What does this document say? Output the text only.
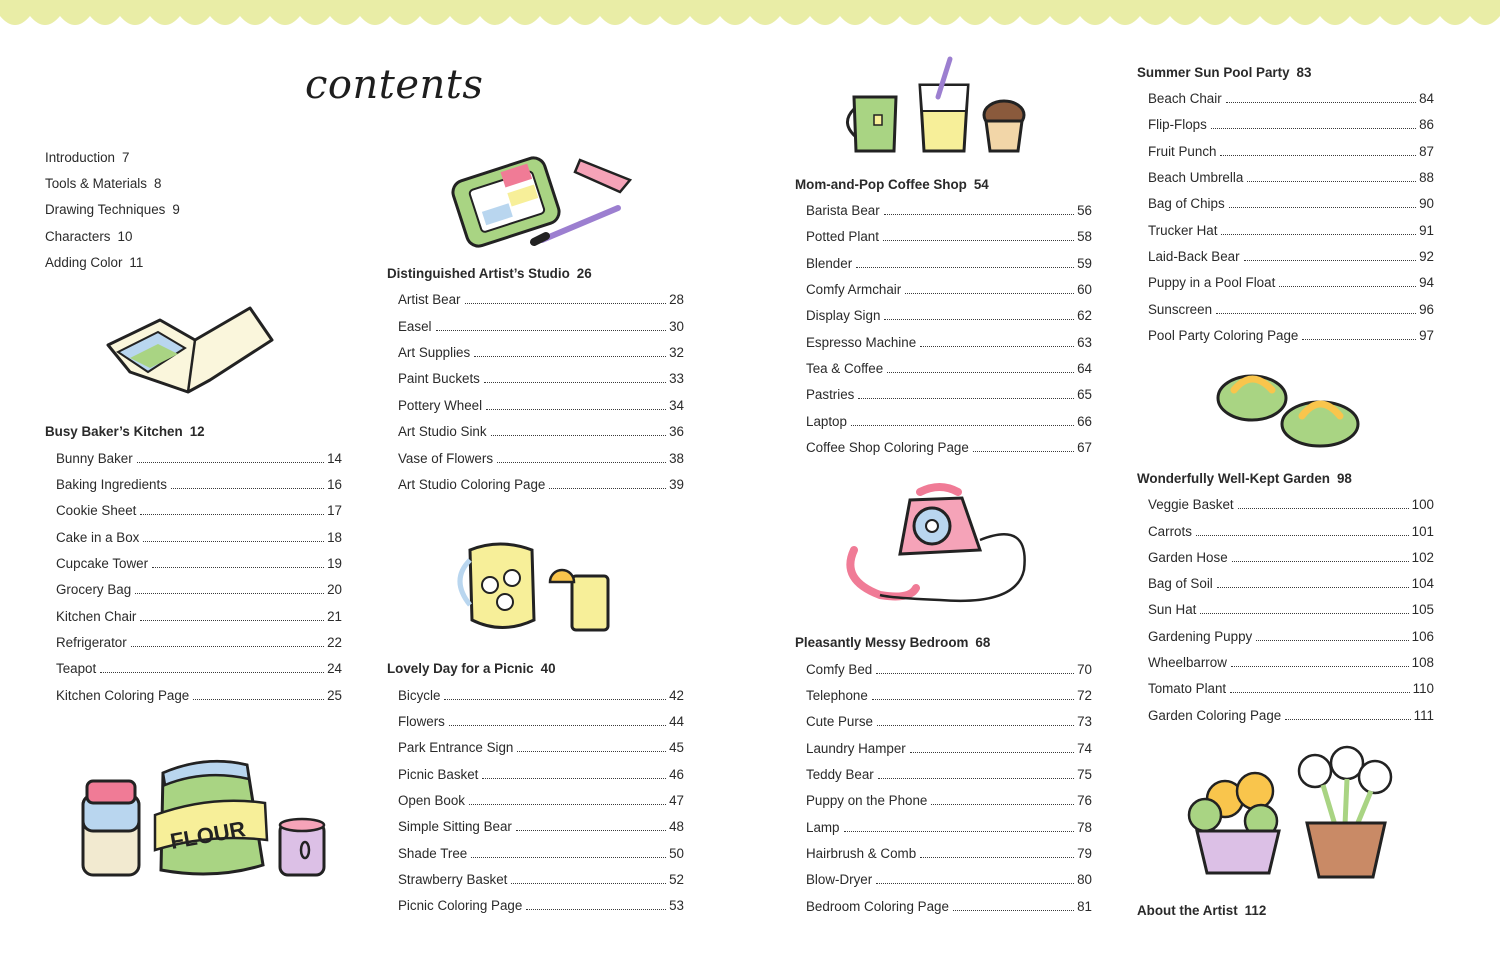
contents
Introduction 7
Tools & Materials 8
Drawing Techniques 9
Characters 10
Adding Color 11
Busy Baker’s Kitchen 12
Bunny Baker	14
Baking Ingredients	16
Cookie Sheet	17
Cake in a Box	18
Cupcake Tower	19
Grocery Bag	20
Kitchen Chair	21
Refrigerator	22
Teapot	24
Kitchen Coloring Page	25
Distinguished Artist’s Studio 26
Artist Bear	28
Easel	30
Art Supplies	32
Paint Buckets	33
Pottery Wheel	34
Art Studio Sink	36
Vase of Flowers	38
Art Studio Coloring Page	39
Lovely Day for a Picnic 40
Bicycle	42
Flowers	44
Park Entrance Sign	45
Picnic Basket	46
Open Book	47
Simple Sitting Bear	48
Shade Tree	50
Strawberry Basket	52
Picnic Coloring Page	53
Mom-and-Pop Coffee Shop 54
Barista Bear	56
Potted Plant	58
Blender	59
Comfy Armchair	60
Display Sign	62
Espresso Machine	63
Tea & Coffee	64
Pastries	65
Laptop	66
Coffee Shop Coloring Page	67
Pleasantly Messy Bedroom 68
Comfy Bed	70
Telephone	72
Cute Purse	73
Laundry Hamper	74
Teddy Bear	75
Puppy on the Phone	76
Lamp	78
Hairbrush & Comb	79
Blow-Dryer	80
Bedroom Coloring Page	81
Summer Sun Pool Party 83
Beach Chair	84
Flip-Flops	86
Fruit Punch	87
Beach Umbrella	88
Bag of Chips	90
Trucker Hat	91
Laid-Back Bear	92
Puppy in a Pool Float	94
Sunscreen	96
Pool Party Coloring Page	97
Wonderfully Well-Kept Garden 98
Veggie Basket	100
Carrots	101
Garden Hose	102
Bag of Soil	104
Sun Hat	105
Gardening Puppy	106
Wheelbarrow	108
Tomato Plant	110
Garden Coloring Page	111
About the Artist 112
FLOUR
